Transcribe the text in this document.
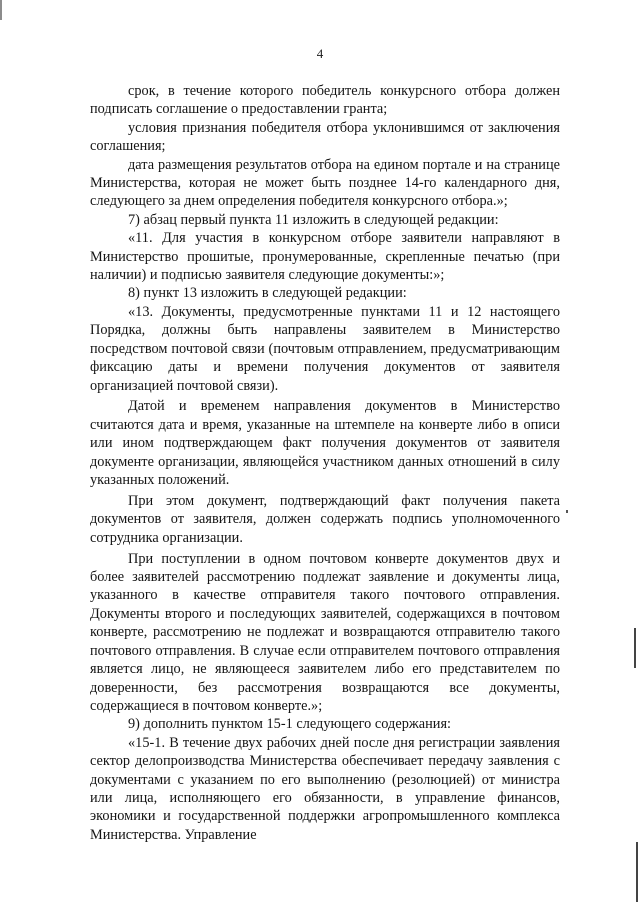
4

срок, в течение которого победитель конкурсного отбора должен подписать соглашение о предоставлении гранта;

условия признания победителя отбора уклонившимся от заключения соглашения;

дата размещения результатов отбора на едином портале и на странице Министерства, которая не может быть позднее 14-го календарного дня, следующего за днем определения победителя конкурсного отбора.»;

7) абзац первый пункта 11 изложить в следующей редакции:

«11. Для участия в конкурсном отборе заявители направляют в Министерство прошитые, пронумерованные, скрепленные печатью (при наличии) и подписью заявителя следующие документы:»;

8) пункт 13 изложить в следующей редакции:

«13. Документы, предусмотренные пунктами 11 и 12 настоящего Порядка, должны быть направлены заявителем в Министерство посредством почтовой связи (почтовым отправлением, предусматривающим фиксацию даты и времени получения документов от заявителя организацией почтовой связи).

Датой и временем направления документов в Министерство считаются дата и время, указанные на штемпеле на конверте либо в описи или ином подтверждающем факт получения документов от заявителя документе организации, являющейся участником данных отношений в силу указанных положений.

При этом документ, подтверждающий факт получения пакета документов от заявителя, должен содержать подпись уполномоченного сотрудника организации.

При поступлении в одном почтовом конверте документов двух и более заявителей рассмотрению подлежат заявление и документы лица, указанного в качестве отправителя такого почтового отправления. Документы второго и последующих заявителей, содержащихся в почтовом конверте, рассмотрению не подлежат и возвращаются отправителю такого почтового отправления. В случае если отправителем почтового отправления является лицо, не являющееся заявителем либо его представителем по доверенности, без рассмотрения возвращаются все документы, содержащиеся в почтовом конверте.»;

9) дополнить пунктом 15-1 следующего содержания:

«15-1. В течение двух рабочих дней после дня регистрации заявления сектор делопроизводства Министерства обеспечивает передачу заявления с документами с указанием по его выполнению (резолюцией) от министра или лица, исполняющего его обязанности, в управление финансов, экономики и государственной поддержки агропромышленного комплекса Министерства. Управление
